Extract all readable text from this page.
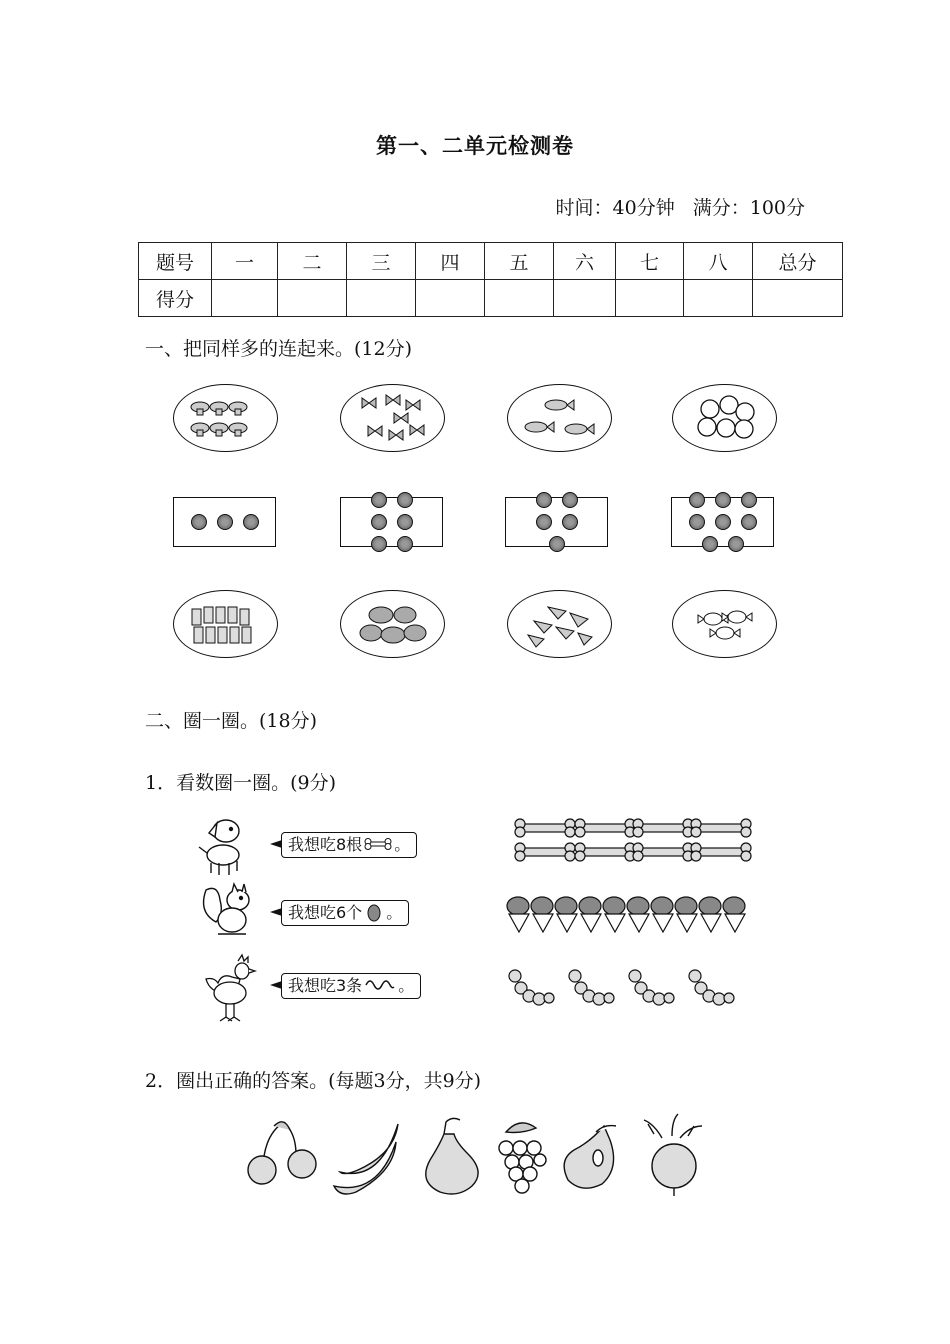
第一、二单元检测卷
时间：40分钟 满分：100分
题号	一	二	三	四	五	六	七	八	总分
得分									
一、把同样多的连起来。(12分)
二、圈一圈。(18分)
1．看数圈一圈。(9分)
我想吃8根 。
我想吃6个 。
我想吃3条 。
2．圈出正确的答案。(每题3分，共9分)
